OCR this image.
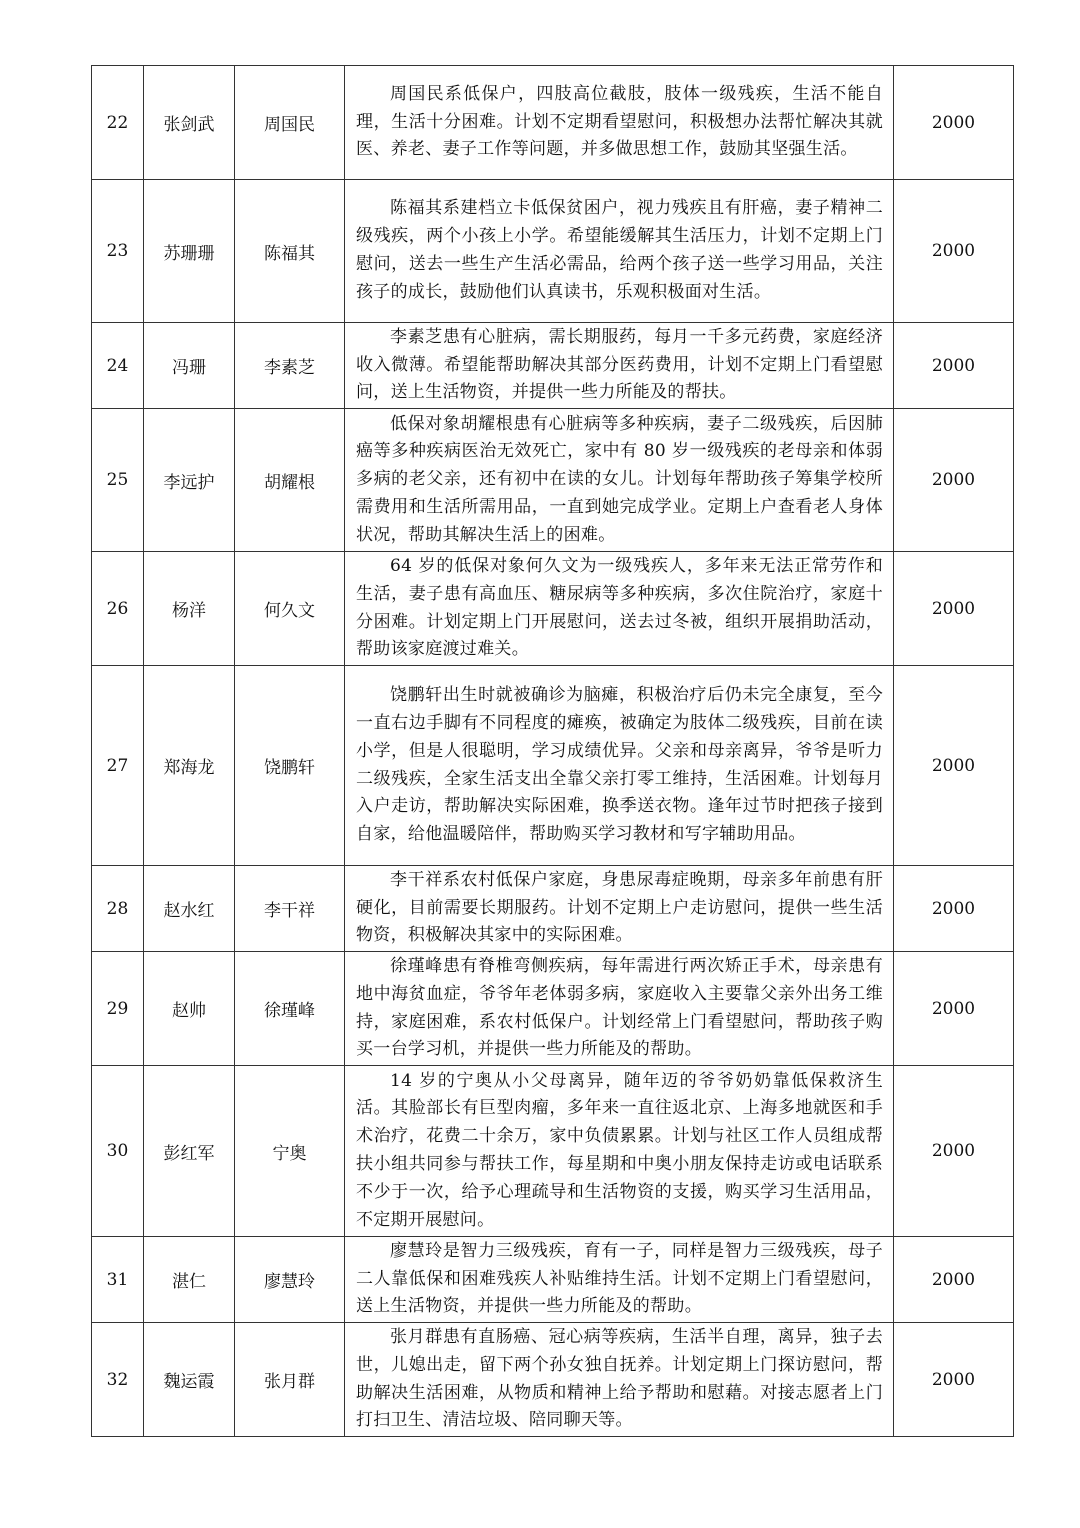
22	张剑武	周国民	周国民系低保户，四肢高位截肢，肢体一级残疾，生活不能自理，生活十分困难。计划不定期看望慰问，积极想办法帮忙解决其就医、养老、妻子工作等问题，并多做思想工作，鼓励其坚强生活。	2000
23	苏珊珊	陈福其	陈福其系建档立卡低保贫困户，视力残疾且有肝癌，妻子精神二级残疾，两个小孩上小学。希望能缓解其生活压力，计划不定期上门慰问，送去一些生产生活必需品，给两个孩子送一些学习用品，关注孩子的成长，鼓励他们认真读书，乐观积极面对生活。	2000
24	冯珊	李素芝	李素芝患有心脏病，需长期服药，每月一千多元药费，家庭经济收入微薄。希望能帮助解决其部分医药费用，计划不定期上门看望慰问，送上生活物资，并提供一些力所能及的帮扶。	2000
25	李远护	胡耀根	低保对象胡耀根患有心脏病等多种疾病，妻子二级残疾，后因肺癌等多种疾病医治无效死亡，家中有 80 岁一级残疾的老母亲和体弱多病的老父亲，还有初中在读的女儿。计划每年帮助孩子筹集学校所需费用和生活所需用品，一直到她完成学业。定期上户查看老人身体状况，帮助其解决生活上的困难。	2000
26	杨洋	何久文	64 岁的低保对象何久文为一级残疾人，多年来无法正常劳作和生活，妻子患有高血压、糖尿病等多种疾病，多次住院治疗，家庭十分困难。计划定期上门开展慰问，送去过冬被，组织开展捐助活动，帮助该家庭渡过难关。	2000
27	郑海龙	饶鹏轩	饶鹏轩出生时就被确诊为脑瘫，积极治疗后仍未完全康复，至今一直右边手脚有不同程度的瘫痪，被确定为肢体二级残疾，目前在读小学，但是人很聪明，学习成绩优异。父亲和母亲离异，爷爷是听力二级残疾，全家生活支出全靠父亲打零工维持，生活困难。计划每月入户走访，帮助解决实际困难，换季送衣物。逢年过节时把孩子接到自家，给他温暖陪伴，帮助购买学习教材和写字辅助用品。	2000
28	赵水红	李干祥	李干祥系农村低保户家庭，身患尿毒症晚期，母亲多年前患有肝硬化，目前需要长期服药。计划不定期上户走访慰问，提供一些生活物资，积极解决其家中的实际困难。	2000
29	赵帅	徐瑾峰	徐瑾峰患有脊椎弯侧疾病，每年需进行两次矫正手术，母亲患有地中海贫血症，爷爷年老体弱多病，家庭收入主要靠父亲外出务工维持，家庭困难，系农村低保户。计划经常上门看望慰问，帮助孩子购买一台学习机，并提供一些力所能及的帮助。	2000
30	彭红军	宁奥	14 岁的宁奥从小父母离异，随年迈的爷爷奶奶靠低保救济生活。其脸部长有巨型肉瘤，多年来一直往返北京、上海多地就医和手术治疗，花费二十余万，家中负债累累。计划与社区工作人员组成帮扶小组共同参与帮扶工作，每星期和中奥小朋友保持走访或电话联系不少于一次，给予心理疏导和生活物资的支援，购买学习生活用品，不定期开展慰问。	2000
31	湛仁	廖慧玲	廖慧玲是智力三级残疾，育有一子，同样是智力三级残疾，母子二人靠低保和困难残疾人补贴维持生活。计划不定期上门看望慰问，送上生活物资，并提供一些力所能及的帮助。	2000
32	魏运霞	张月群	张月群患有直肠癌、冠心病等疾病，生活半自理，离异，独子去世，儿媳出走，留下两个孙女独自抚养。计划定期上门探访慰问，帮助解决生活困难，从物质和精神上给予帮助和慰藉。对接志愿者上门打扫卫生、清洁垃圾、陪同聊天等。	2000
